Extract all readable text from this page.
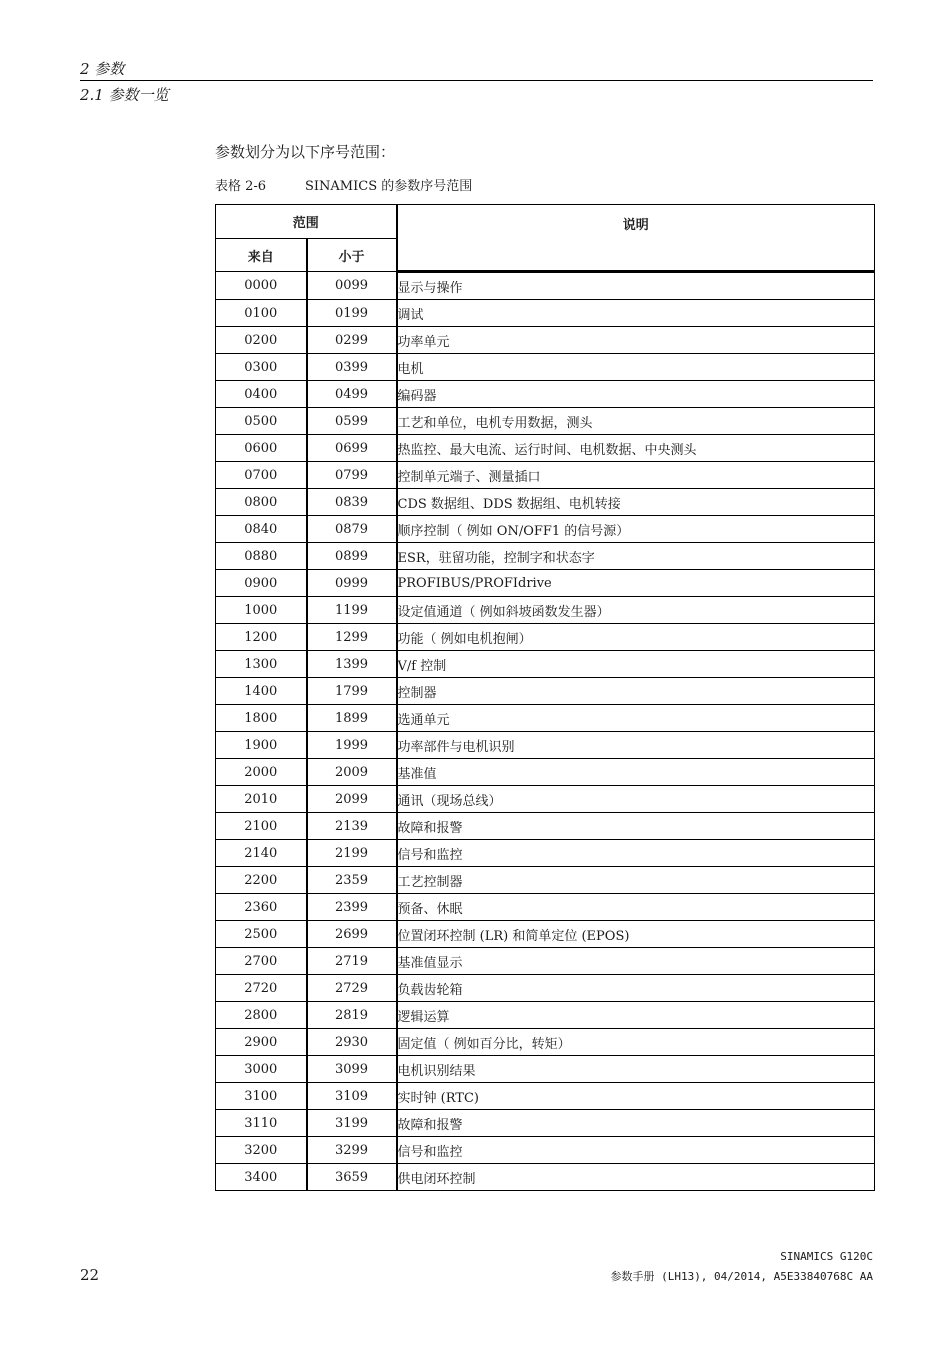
2 参数
2.1 参数一览
参数划分为以下序号范围：
表格 2-6	SINAMICS 的参数序号范围
范围		说明
来自	小于	
0000	0099	显示与操作
0100	0199	调试
0200	0299	功率单元
0300	0399	电机
0400	0499	编码器
0500	0599	工艺和单位，电机专用数据，测头
0600	0699	热监控、最大电流、运行时间、电机数据、中央测头
0700	0799	控制单元端子、测量插口
0800	0839	CDS 数据组、DDS 数据组、电机转接
0840	0879	顺序控制（ 例如 ON/OFF1 的信号源）
0880	0899	ESR，驻留功能，控制字和状态字
0900	0999	PROFIBUS/PROFIdrive
1000	1199	设定值通道（ 例如斜坡函数发生器）
1200	1299	功能（ 例如电机抱闸）
1300	1399	V/f 控制
1400	1799	控制器
1800	1899	选通单元
1900	1999	功率部件与电机识别
2000	2009	基准值
2010	2099	通讯（现场总线）
2100	2139	故障和报警
2140	2199	信号和监控
2200	2359	工艺控制器
2360	2399	预备、休眠
2500	2699	位置闭环控制 (LR) 和简单定位 (EPOS)
2700	2719	基准值显示
2720	2729	负载齿轮箱
2800	2819	逻辑运算
2900	2930	固定值（ 例如百分比，转矩）
3000	3099	电机识别结果
3100	3109	实时钟 (RTC)
3110	3199	故障和报警
3200	3299	信号和监控
3400	3659	供电闭环控制
22
SINAMICS G120C
参数手册 (LH13), 04/2014, A5E33840768C AA
